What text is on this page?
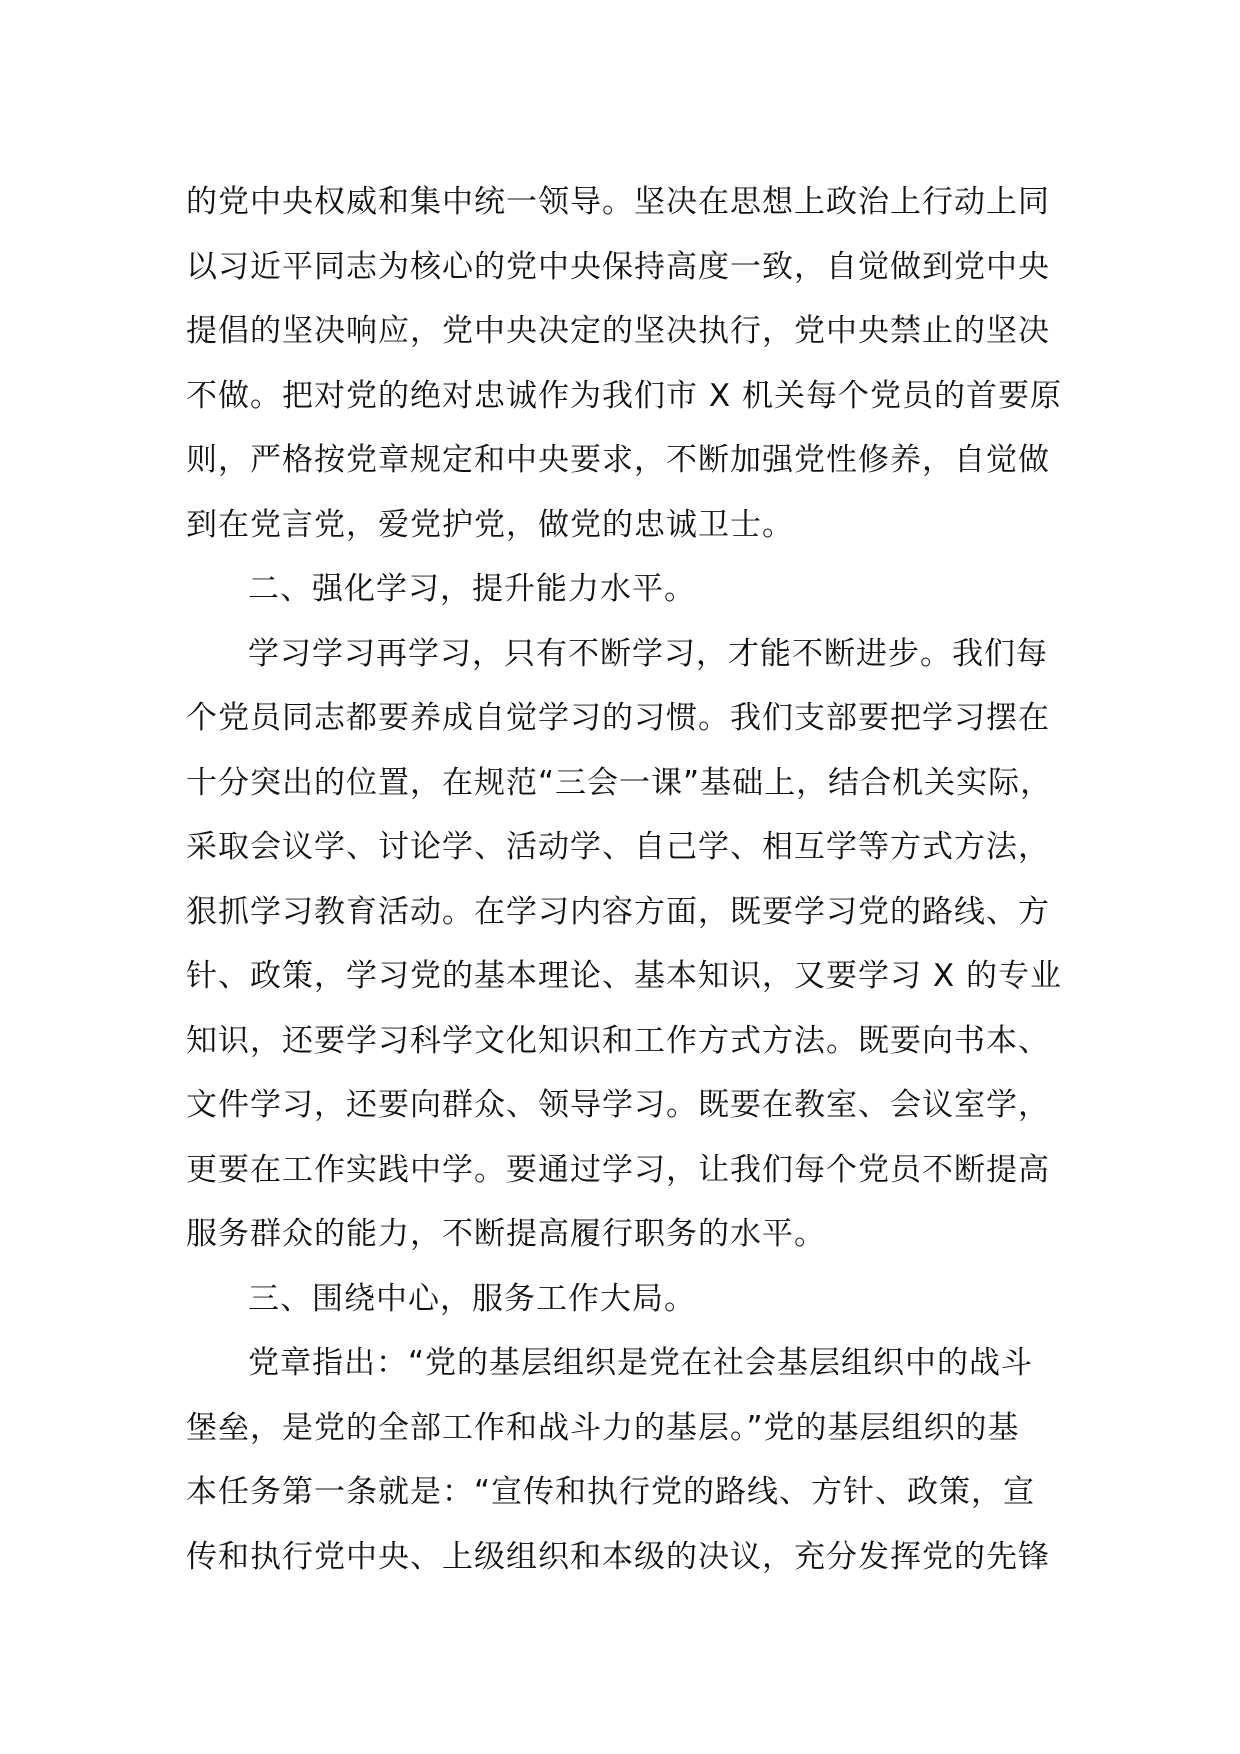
的党中央权威和集中统一领导。坚决在思想上政治上行动上同
以习近平同志为核心的党中央保持高度一致，自觉做到党中央
提倡的坚决响应，党中央决定的坚决执行，党中央禁止的坚决
不做。把对党的绝对忠诚作为我们市 X 机关每个党员的首要原
则，严格按党章规定和中央要求，不断加强党性修养，自觉做
到在党言党，爱党护党，做党的忠诚卫士。
二、强化学习，提升能力水平。
学习学习再学习，只有不断学习，才能不断进步。我们每
个党员同志都要养成自觉学习的习惯。我们支部要把学习摆在
十分突出的位置，在规范“三会一课”基础上，结合机关实际，
采取会议学、讨论学、活动学、自己学、相互学等方式方法，
狠抓学习教育活动。在学习内容方面，既要学习党的路线、方
针、政策，学习党的基本理论、基本知识，又要学习 X 的专业
知识，还要学习科学文化知识和工作方式方法。既要向书本、
文件学习，还要向群众、领导学习。既要在教室、会议室学，
更要在工作实践中学。要通过学习，让我们每个党员不断提高
服务群众的能力，不断提高履行职务的水平。
三、围绕中心，服务工作大局。
党章指出：“党的基层组织是党在社会基层组织中的战斗
堡垒，是党的全部工作和战斗力的基层。”党的基层组织的基
本任务第一条就是：“宣传和执行党的路线、方针、政策，宣
传和执行党中央、上级组织和本级的决议，充分发挥党的先锋
